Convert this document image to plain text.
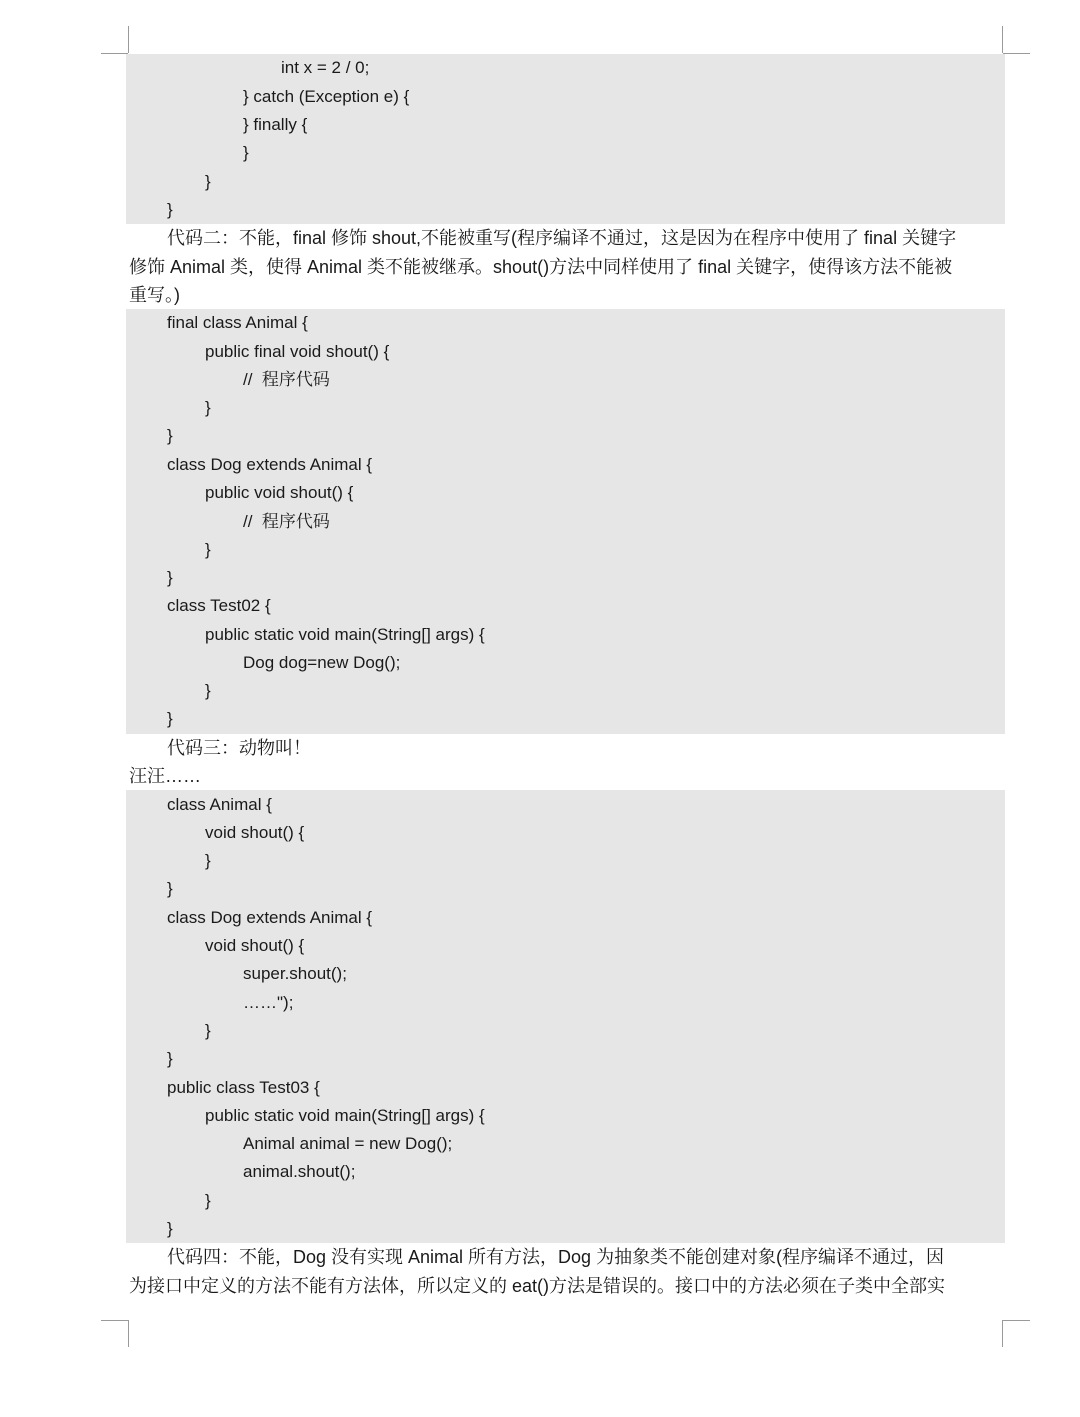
int x = 2 / 0;
} catch (Exception e) {
} finally {
}
}
}
代码二：不能，final 修饰 shout,不能被重写(程序编译不通过，这是因为在程序中使用了 final 关键字
修饰 Animal 类，使得 Animal 类不能被继承。shout()方法中同样使用了 final 关键字，使得该方法不能被
重写。)
final class Animal {
public final void shout() {
//  程序代码
}
}
class Dog extends Animal {
public void shout() {
//  程序代码
}
}
class Test02 {
public static void main(String[] args) {
Dog dog=new Dog();
}
}
代码三：动物叫！
汪汪……
class Animal {
void shout() {
}
}
class Dog extends Animal {
void shout() {
super.shout();
……");
}
}
public class Test03 {
public static void main(String[] args) {
Animal animal = new Dog();
animal.shout();
}
}
代码四：不能，Dog 没有实现 Animal 所有方法，Dog 为抽象类不能创建对象(程序编译不通过，因
为接口中定义的方法不能有方法体，所以定义的 eat()方法是错误的。接口中的方法必须在子类中全部实
